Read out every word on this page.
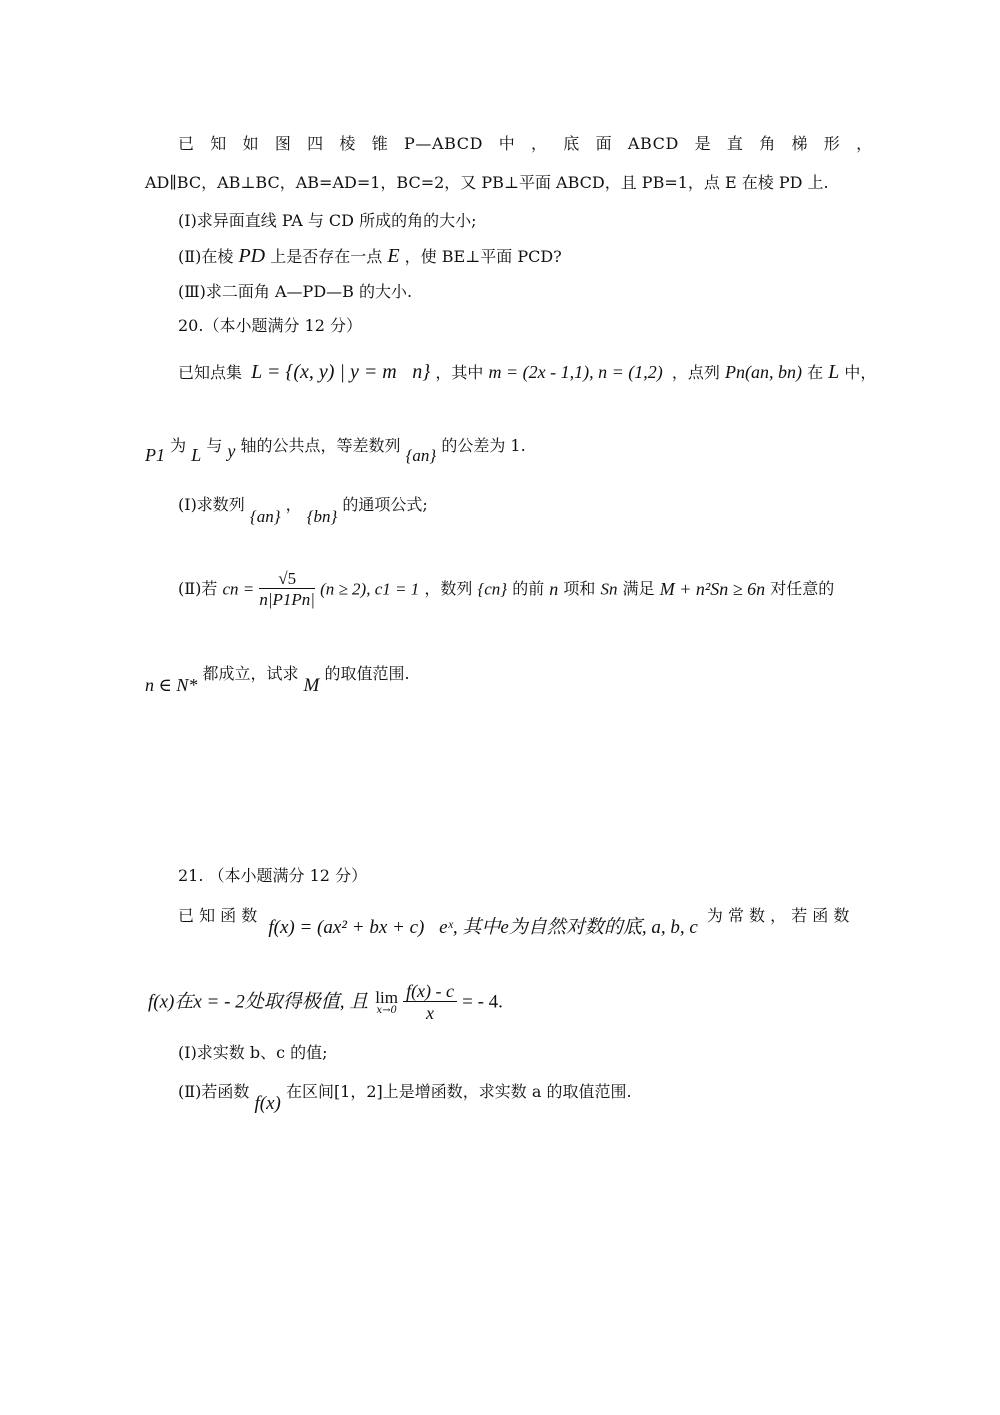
已 知 如 图 四 棱 锥 P—ABCD 中 ， 底 面 ABCD 是 直 角 梯 形 ，
AD∥BC，AB⊥BC，AB=AD=1，BC=2，又 PB⊥平面 ABCD，且 PB=1，点 E 在棱 PD 上.
(Ⅰ)求异面直线 PA 与 CD 所成的角的大小;
(Ⅱ)在棱 PD 上是否存在一点 E ，使 BE⊥平面 PCD?
(Ⅲ)求二面角 A—PD—B 的大小.
20.（本小题满分 12 分）
已知点集 L = {(x, y) | y = m⃞n} ，其中 m = (2x - 1,1), n = (1,2) ，点列 Pn(an, bn) 在 L 中，
P1 为 L 与 y 轴的公共点，等差数列 {an} 的公差为 1.
(Ⅰ)求数列 {an} ， {bn} 的通项公式;
(Ⅱ)若 cn = $\frac{√5}{n|P1Pn|} (n \ge 2)$, c1 = 1 ，数列 {cn} 的前 n 项和 Sn 满足 M + n²Sn ≥ 6n 对任意的
n ∈ N* 都成立，试求 M 的取值范围.
21. （本小题满分 12 分）
已 知 函 数 f(x) = (ax² + bx + c)⃞eˣ, 其中e为自然对数的底, a, b, c 为 常 数 ， 若 函 数
f(x)在x = - 2处取得极值, 且 lim
x→0
$\frac{f(x) - c}{x}$ = - 4.
(Ⅰ)求实数 b、c 的值;
(Ⅱ)若函数 f(x) 在区间[1，2]上是增函数，求实数 a 的取值范围.
